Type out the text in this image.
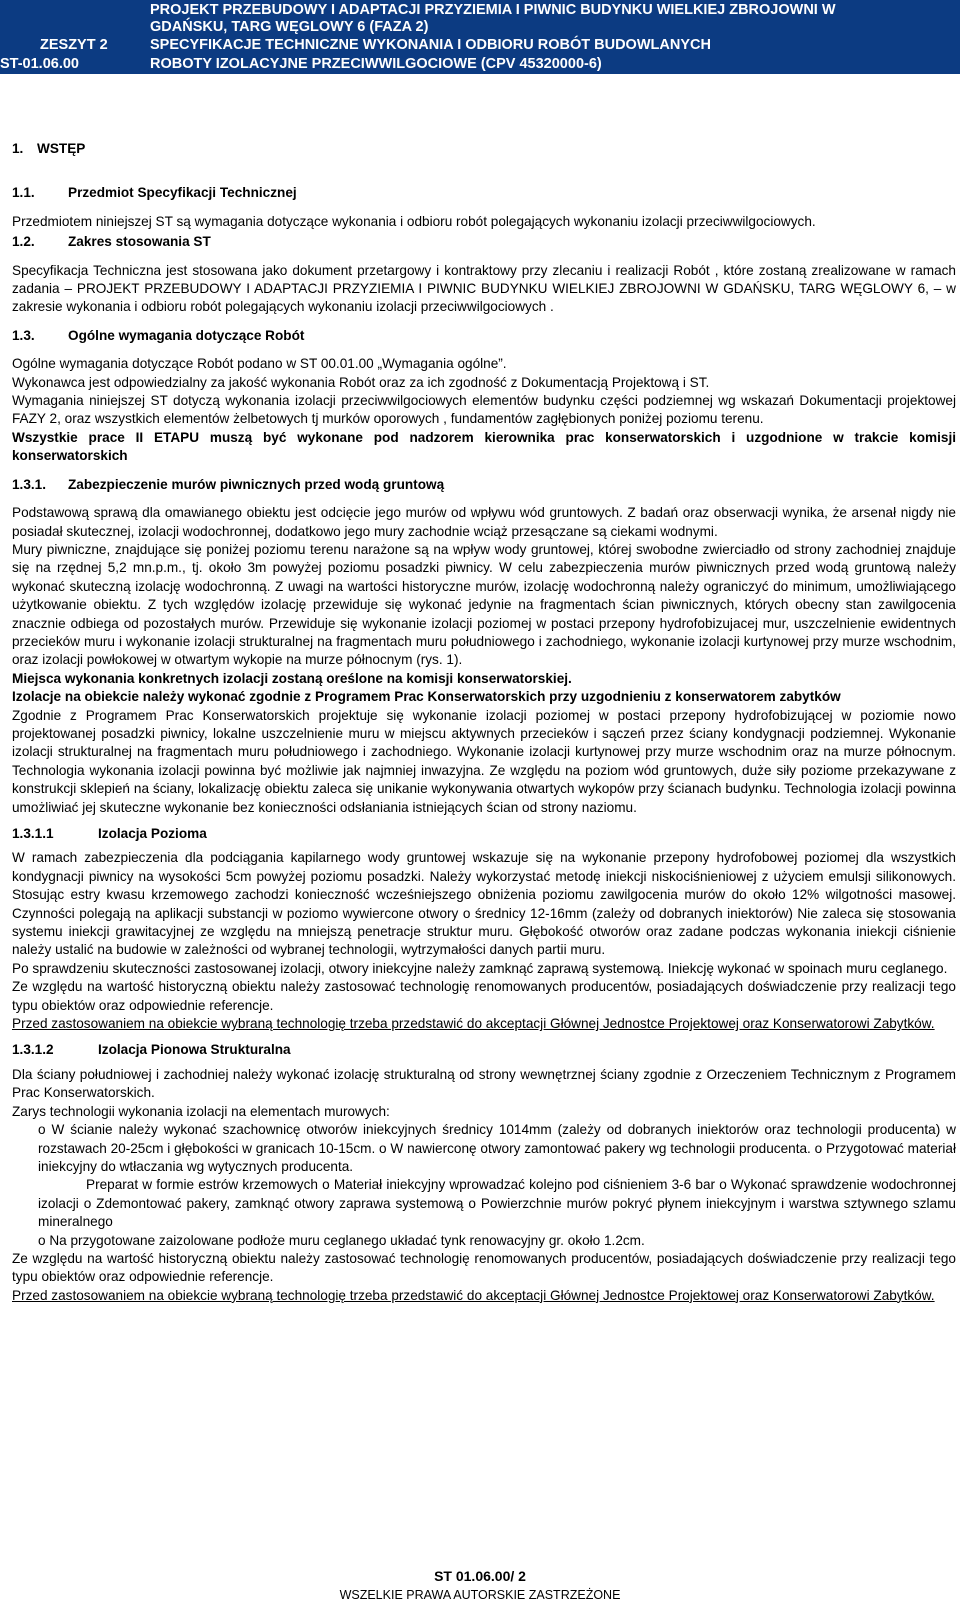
PROJEKT PRZEBUDOWY I ADAPTACJI PRZYZIEMIA I PIWNIC BUDYNKU WIELKIEJ ZBROJOWNI W
GDAŃSKU, TARG WĘGLOWY 6 (FAZA 2)
ZESZYT 2	SPECYFIKACJE TECHNICZNE WYKONANIA I ODBIORU ROBÓT BUDOWLANYCH
ST-01.06.00	ROBOTY IZOLACYJNE PRZECIWWILGOCIOWE (CPV 45320000-6)
1. WSTĘP
1.1. Przedmiot Specyfikacji Technicznej

Przedmiotem niniejszej ST są wymagania dotyczące wykonania i odbioru robót polegających wykonaniu izolacji przeciwwilgociowych.

1.2. Zakres stosowania ST

Specyfikacja Techniczna jest stosowana jako dokument przetargowy i kontraktowy przy zlecaniu i realizacji Robót , które zostaną zrealizowane w ramach zadania – PROJEKT PRZEBUDOWY I ADAPTACJI PRZYZIEMIA I PIWNIC BUDYNKU WIELKIEJ ZBROJOWNI W GDAŃSKU, TARG WĘGLOWY 6, – w zakresie wykonania i odbioru robót polegających wykonaniu izolacji przeciwwilgociowych .

1.3. Ogólne wymagania dotyczące Robót

Ogólne wymagania dotyczące Robót podano w ST 00.01.00 „Wymagania ogólne”.

Wykonawca jest odpowiedzialny za jakość wykonania Robót oraz za ich zgodność z Dokumentacją Projektową i ST.

Wymagania niniejszej ST dotyczą wykonania izolacji przeciwwilgociowych elementów budynku części podziemnej wg wskazań Dokumentacji projektowej FAZY 2, oraz wszystkich elementów żelbetowych tj murków oporowych , fundamentów zagłębionych poniżej poziomu terenu.

Wszystkie prace II ETAPU muszą być wykonane pod nadzorem kierownika prac konserwatorskich i uzgodnione w trakcie komisji konserwatorskich

1.3.1. Zabezpieczenie murów piwnicznych przed wodą gruntową

Podstawową sprawą dla omawianego obiektu jest odcięcie jego murów od wpływu wód gruntowych. Z badań oraz obserwacji wynika, że arsenał nigdy nie posiadał skutecznej, izolacji wodochronnej, dodatkowo jego mury zachodnie wciąż przesączane są ciekami wodnymi.

Mury piwniczne, znajdujące się poniżej poziomu terenu narażone są na wpływ wody gruntowej, której swobodne zwierciadło od strony zachodniej znajduje się na rzędnej 5,2 mn.p.m., tj. około 3m powyżej poziomu posadzki piwnicy. W celu zabezpieczenia murów piwnicznych przed wodą gruntową należy wykonać skuteczną izolację wodochronną. Z uwagi na wartości historyczne murów, izolację wodochronną należy ograniczyć do minimum, umożliwiającego użytkowanie obiektu. Z tych względów izolację przewiduje się wykonać jedynie na fragmentach ścian piwnicznych, których obecny stan zawilgocenia znacznie odbiega od pozostałych murów. Przewiduje się wykonanie izolacji poziomej w postaci przepony hydrofobizujacej mur, uszczelnienie ewidentnych przecieków muru i wykonanie izolacji strukturalnej na fragmentach muru południowego i zachodniego, wykonanie izolacji kurtynowej przy murze wschodnim, oraz izolacji powłokowej w otwartym wykopie na murze północnym (rys. 1).

Miejsca wykonania konkretnych izolacji zostaną oreślone na komisji konserwatorskiej.

Izolacje na obiekcie należy wykonać zgodnie z Programem Prac Konserwatorskich przy uzgodnieniu z konserwatorem zabytków

Zgodnie z Programem Prac Konserwatorskich projektuje się wykonanie izolacji poziomej w postaci przepony hydrofobizującej w poziomie nowo projektowanej posadzki piwnicy, lokalne uszczelnienie muru w miejscu aktywnych przecieków i sączeń przez ściany kondygnacji podziemnej. Wykonanie izolacji strukturalnej na fragmentach muru południowego i zachodniego. Wykonanie izolacji kurtynowej przy murze wschodnim oraz na murze północnym. Technologia wykonania izolacji powinna być możliwie jak najmniej inwazyjna. Ze względu na poziom wód gruntowych, duże siły poziome przekazywane z konstrukcji sklepień na ściany, lokalizację obiektu zaleca się unikanie wykonywania otwartych wykopów przy ścianach budynku. Technologia izolacji powinna umożliwiać jej skuteczne wykonanie bez konieczności odsłaniania istniejących ścian od strony naziomu.

1.3.1.1	Izolacja Pozioma

W ramach zabezpieczenia dla podciągania kapilarnego wody gruntowej wskazuje się na wykonanie przepony hydrofobowej poziomej dla wszystkich kondygnacji piwnicy na wysokości 5cm powyżej poziomu posadzki. Należy wykorzystać metodę iniekcji niskociśnieniowej z użyciem emulsji silikonowych. Stosując estry kwasu krzemowego zachodzi konieczność wcześniejszego obniżenia poziomu zawilgocenia murów do około 12% wilgotności masowej. Czynności polegają na aplikacji substancji w poziomo wywiercone otwory o średnicy 12-16mm (zależy od dobranych iniektorów) Nie zaleca się stosowania systemu iniekcji grawitacyjnej ze względu na mniejszą penetracje struktur muru. Głębokość otworów oraz zadane podczas wykonania iniekcji ciśnienie należy ustalić na budowie w zależności od wybranej technologii, wytrzymałości danych partii muru.

Po sprawdzeniu skuteczności zastosowanej izolacji, otwory iniekcyjne należy zamknąć zaprawą systemową. Iniekcję wykonać w spoinach muru ceglanego.

Ze względu na wartość historyczną obiektu należy zastosować technologię renomowanych producentów, posiadających doświadczenie przy realizacji tego typu obiektów oraz odpowiednie referencje.

Przed zastosowaniem na obiekcie wybraną technologię trzeba przedstawić do akceptacji Głównej Jednostce Projektowej oraz Konserwatorowi Zabytków.

1.3.1.2	Izolacja Pionowa Strukturalna

Dla ściany południowej i zachodniej należy wykonać izolację strukturalną od strony wewnętrznej ściany zgodnie z Orzeczeniem Technicznym z Programem Prac Konserwatorskich.

Zarys technologii wykonania izolacji na elementach murowych:

o W ścianie należy wykonać szachownicę otworów iniekcyjnych średnicy 1014mm (zależy od dobranych iniektorów oraz technologii producenta) w rozstawach 20-25cm i głębokości w granicach 10-15cm. o W nawierconę otwory zamontować pakery wg technologii producenta. o Przygotować materiał iniekcyjny do wtłaczania wg wytycznych producenta.

Preparat w formie estrów krzemowych o Materiał iniekcyjny wprowadzać kolejno pod ciśnieniem 3-6 bar o Wykonać sprawdzenie wodochronnej izolacji o Zdemontować pakery, zamknąć otwory zaprawa systemową o Powierzchnie murów pokryć płynem iniekcyjnym i warstwa sztywnego szlamu mineralnego

o Na przygotowane zaizolowane podłoże muru ceglanego układać tynk renowacyjny gr. około 1.2cm.

Ze względu na wartość historyczną obiektu należy zastosować technologię renomowanych producentów, posiadających doświadczenie przy realizacji tego typu obiektów oraz odpowiednie referencje.

Przed zastosowaniem na obiekcie wybraną technologię trzeba przedstawić do akceptacji Głównej Jednostce Projektowej oraz Konserwatorowi Zabytków.

ST 01.06.00/ 2
WSZELKIE PRAWA AUTORSKIE ZASTRZEŻONE
